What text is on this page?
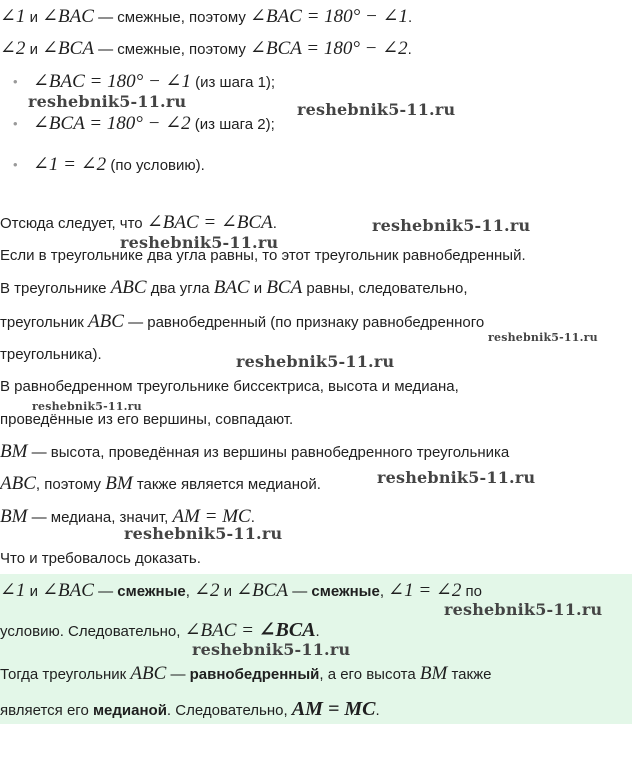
∠1 и ∠BAC — смежные, поэтому ∠BAC = 180° − ∠1.
∠2 и ∠BCA — смежные, поэтому ∠BCA = 180° − ∠2.
• ∠BAC = 180° − ∠1 (из шага 1);
• ∠BCA = 180° − ∠2 (из шага 2);
• ∠1 = ∠2 (по условию).
Отсюда следует, что ∠BAC = ∠BCA.
Если в треугольнике два угла равны, то этот треугольник равнобедренный.
В треугольнике ABC два угла BAC и BCA равны, следовательно,
треугольник ABC — равнобедренный (по признаку равнобедренного
треугольника).
В равнобедренном треугольнике биссектриса, высота и медиана,
проведённые из его вершины, совпадают.
BM — высота, проведённая из вершины равнобедренного треугольника
ABC, поэтому BM также является медианой.
BM — медиана, значит, AM = MC.
Что и требовалось доказать.
∠1 и ∠BAC — смежные, ∠2 и ∠BCA — смежные, ∠1 = ∠2 по
условию. Следовательно, ∠BAC = ∠BCA.
Тогда треугольник ABC — равнобедренный, а его высота BM также
является его медианой. Следовательно, AM = MC.
reshebnik5-11.ru	reshebnik5-11.ru
reshebnik5-11.ru
reshebnik5-11.ru
reshebnik5-11.ru
reshebnik5-11.ru
reshebnik5-11.ru
reshebnik5-11.ru
reshebnik5-11.ru
reshebnik5-11.ru
reshebnik5-11.ru
